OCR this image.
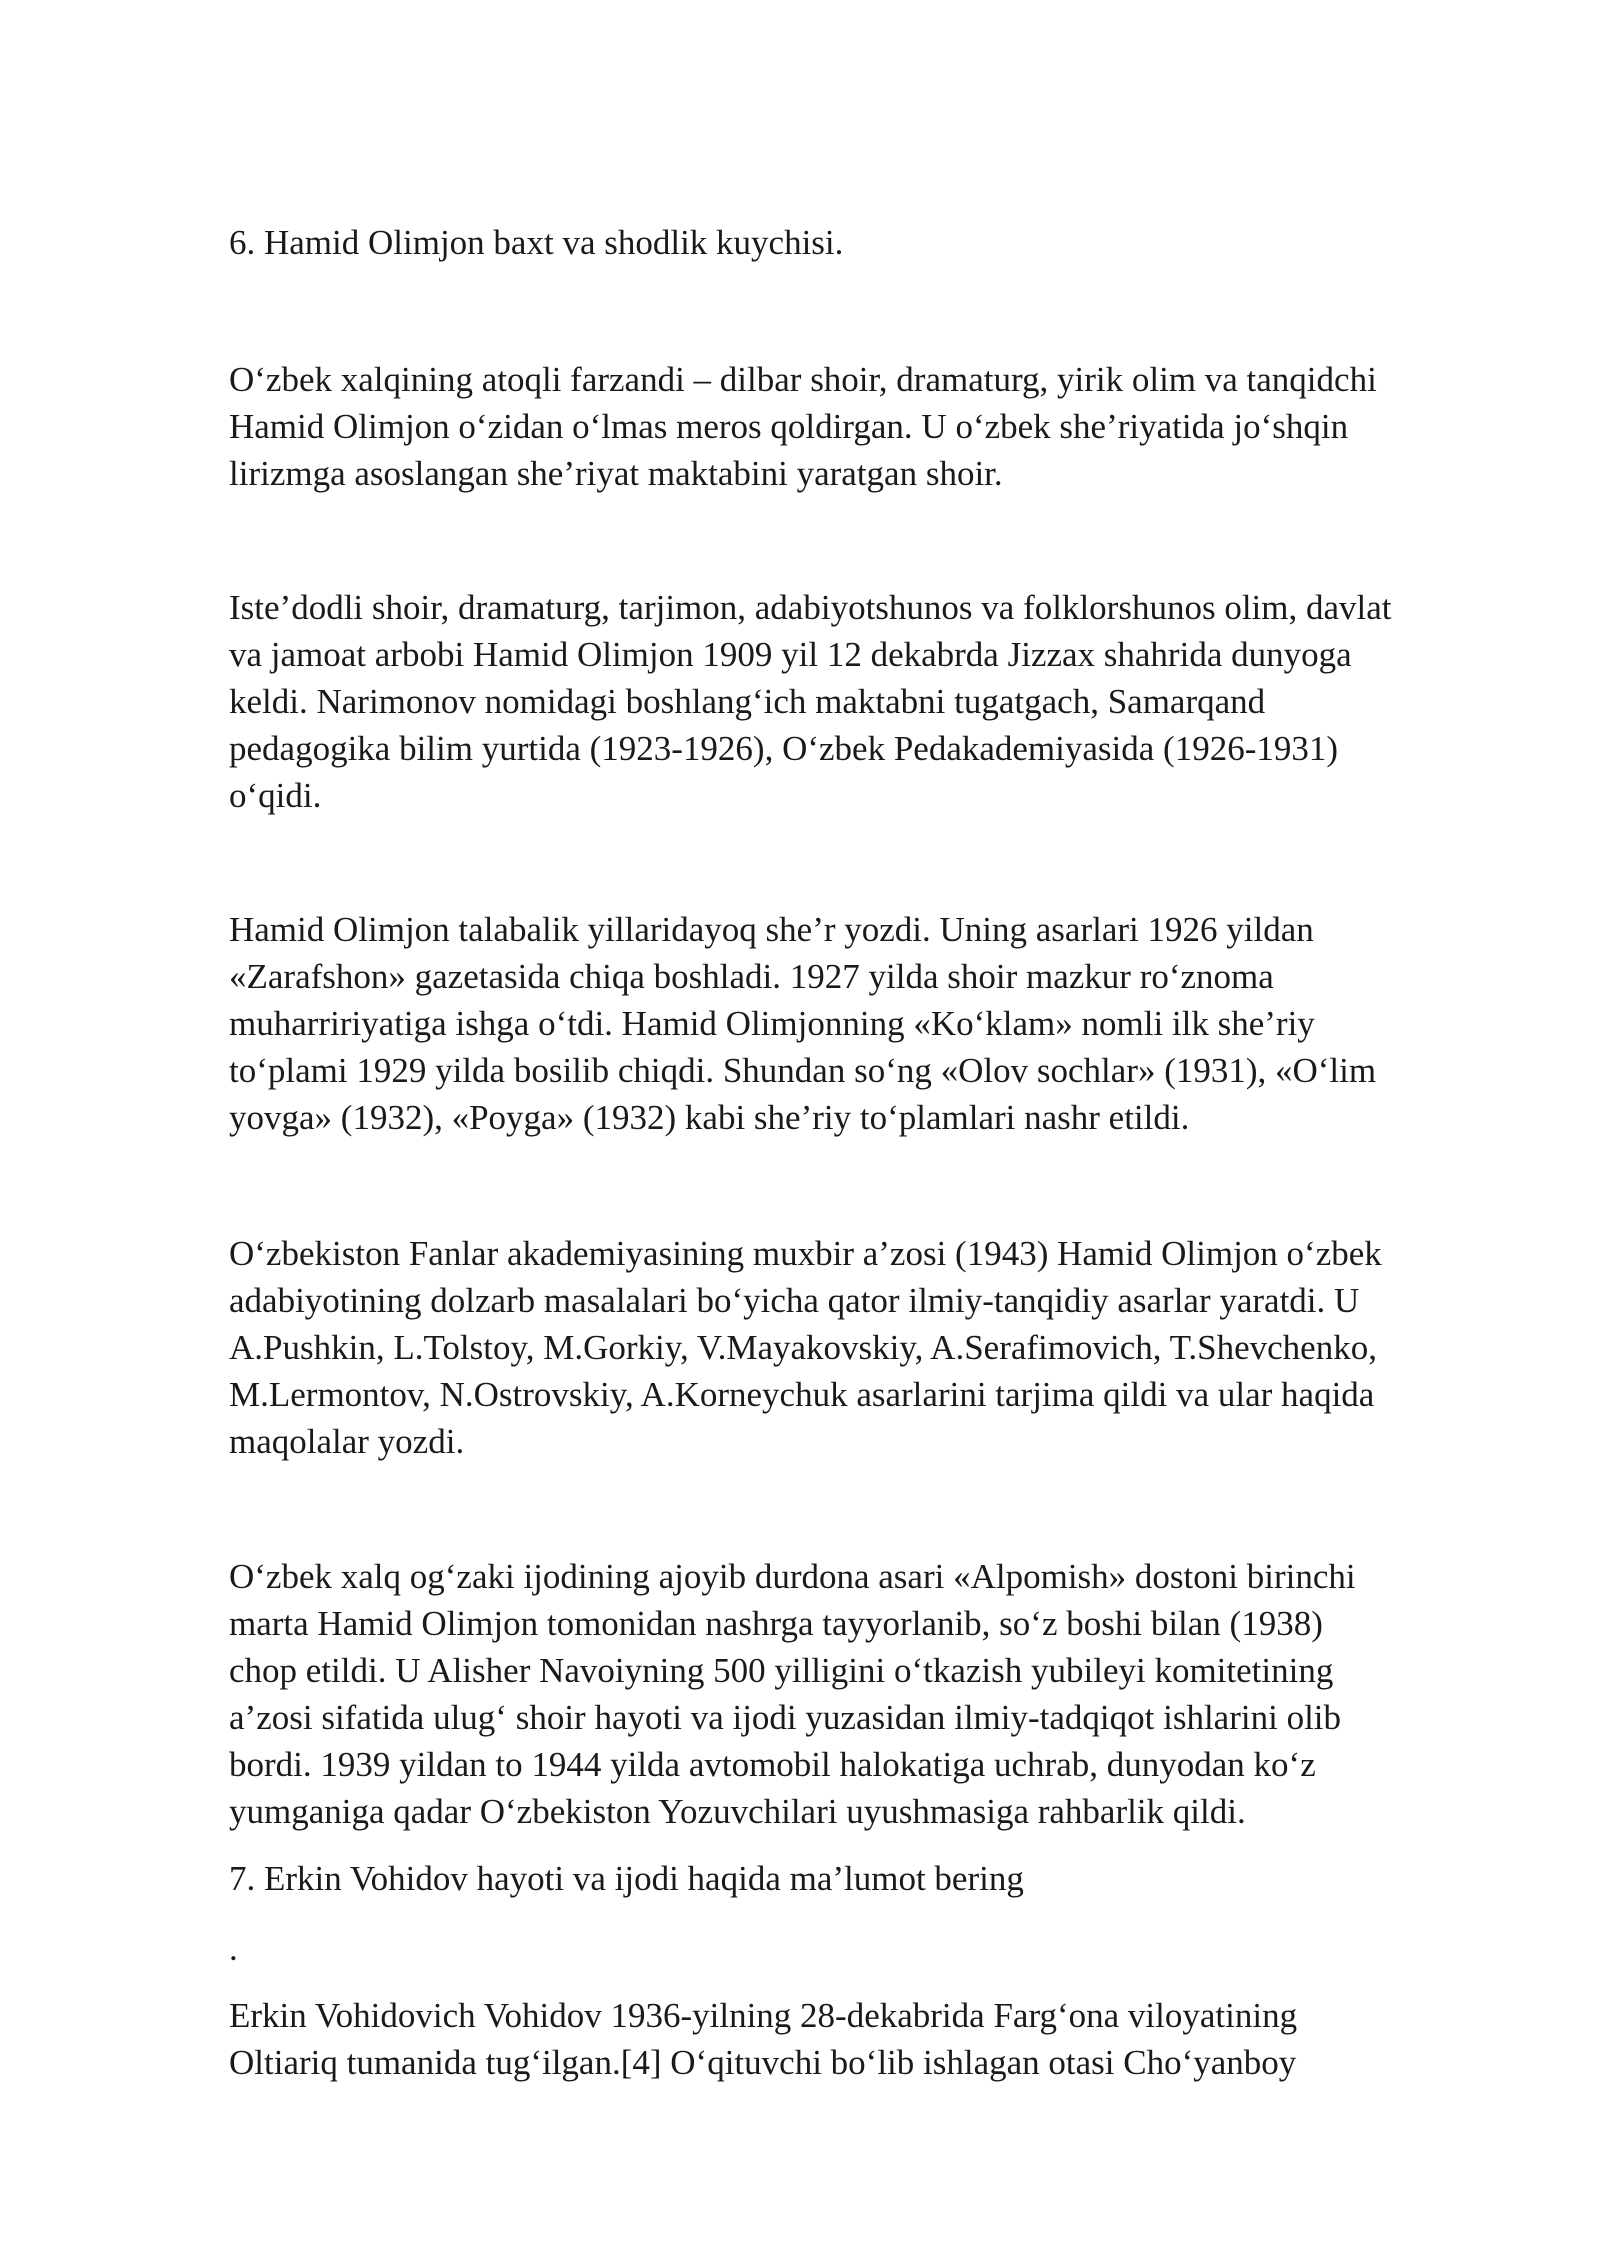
6. Hamid Olimjon baxt va shodlik kuychisi.
O‘zbek xalqining atoqli farzandi – dilbar shoir, dramaturg, yirik olim va tanqidchi
Hamid Olimjon o‘zidan o‘lmas meros qoldirgan. U o‘zbek she’riyatida jo‘shqin
lirizmga asoslangan she’riyat maktabini yaratgan shoir.
Iste’dodli shoir, dramaturg, tarjimon, adabiyotshunos va folklorshunos olim, davlat
va jamoat arbobi Hamid Olimjon 1909 yil 12 dekabrda Jizzax shahrida dunyoga
keldi. Narimonov nomidagi boshlang‘ich maktabni tugatgach, Samarqand
pedagogika bilim yurtida (1923-1926), O‘zbek Pedakademiyasida (1926-1931)
o‘qidi.
Hamid Olimjon talabalik yillaridayoq she’r yozdi. Uning asarlari 1926 yildan
«Zarafshon» gazetasida chiqa boshladi. 1927 yilda shoir mazkur ro‘znoma
muharririyatiga ishga o‘tdi. Hamid Olimjonning «Ko‘klam» nomli ilk she’riy
to‘plami 1929 yilda bosilib chiqdi. Shundan so‘ng «Olov sochlar» (1931), «O‘lim
yovga» (1932), «Poyga» (1932) kabi she’riy to‘plamlari nashr etildi.
O‘zbekiston Fanlar akademiyasining muxbir a’zosi (1943) Hamid Olimjon o‘zbek
adabiyotining dolzarb masalalari bo‘yicha qator ilmiy-tanqidiy asarlar yaratdi. U
A.Pushkin, L.Tolstoy, M.Gorkiy, V.Mayakovskiy, A.Serafimovich, T.Shevchenko,
M.Lermontov, N.Ostrovskiy, A.Korneychuk asarlarini tarjima qildi va ular haqida
maqolalar yozdi.
O‘zbek xalq og‘zaki ijodining ajoyib durdona asari «Alpomish» dostoni birinchi
marta Hamid Olimjon tomonidan nashrga tayyorlanib, so‘z boshi bilan (1938)
chop etildi. U Alisher Navoiyning 500 yilligini o‘tkazish yubileyi komitetining
a’zosi sifatida ulug‘ shoir hayoti va ijodi yuzasidan ilmiy-tadqiqot ishlarini olib
bordi. 1939 yildan to 1944 yilda avtomobil halokatiga uchrab, dunyodan ko‘z
yumganiga qadar O‘zbekiston Yozuvchilari uyushmasiga rahbarlik qildi.
7. Erkin Vohidov hayoti va ijodi haqida ma’lumot bering
.
Erkin Vohidovich Vohidov 1936-yilning 28-dekabrida Farg‘ona viloyatining
Oltiariq tumanida tug‘ilgan.[4] O‘qituvchi bo‘lib ishlagan otasi Cho‘yanboy
